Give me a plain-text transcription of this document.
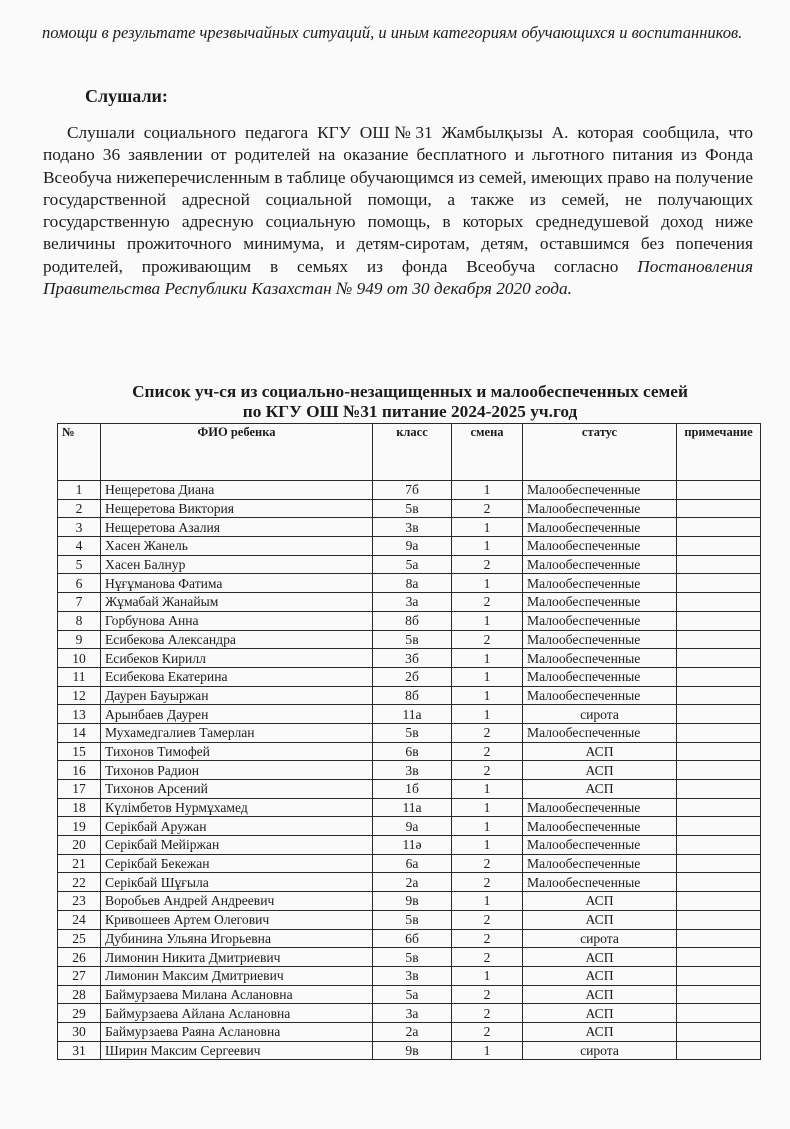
помощи в результате чрезвычайных ситуаций, и иным категориям обучающихся и воспитанников.
Слушали:
Слушали социального педагога КГУ ОШ№31 Жамбылқызы А. которая сообщила, что подано 36 заявлении от родителей на оказание бесплатного и льготного питания из Фонда Всеобуча нижеперечисленным в таблице обучающимся из семей, имеющих право на получение государственной адресной социальной помощи, а также из семей, не получающих государственную адресную социальную помощь, в которых среднедушевой доход ниже величины прожиточного минимума, и детям-сиротам, детям, оставшимся без попечения родителей, проживающим в семьях из фонда Всеобуча согласно Постановления Правительства Республики Казахстан № 949 от 30 декабря 2020 года.
Список уч-ся из социально-незащищенных и малообеспеченных семей
по КГУ ОШ №31 питание 2024-2025 уч.год
№	ФИО ребенка	класс	смена	статус	примечание
1	Нещеретова Диана	7б	1	Малообеспеченные	
2	Нещеретова Виктория	5в	2	Малообеспеченные	
3	Нещеретова Азалия	3в	1	Малообеспеченные	
4	Хасен Жанель	9а	1	Малообеспеченные	
5	Хасен Балнур	5а	2	Малообеспеченные	
6	Нұғұманова Фатима	8а	1	Малообеспеченные	
7	Жұмабай Жанайым	3а	2	Малообеспеченные	
8	Горбунова Анна	8б	1	Малообеспеченные	
9	Есибекова Александра	5в	2	Малообеспеченные	
10	Есибеков Кирилл	3б	1	Малообеспеченные	
11	Есибекова Екатерина	2б	1	Малообеспеченные	
12	Даурен Бауыржан	8б	1	Малообеспеченные	
13	Арынбаев Даурен	11а	1	сирота	
14	Мухамедгалиев Тамерлан	5в	2	Малообеспеченные	
15	Тихонов Тимофей	6в	2	АСП	
16	Тихонов Радион	3в	2	АСП	
17	Тихонов Арсений	1б	1	АСП	
18	Күлімбетов Нурмұхамед	11а	1	Малообеспеченные	
19	Серікбай Аружан	9а	1	Малообеспеченные	
20	Серікбай Мейіржан	11ә	1	Малообеспеченные	
21	Серікбай Бекежан	6а	2	Малообеспеченные	
22	Серікбай Шұғыла	2а	2	Малообеспеченные	
23	Воробьев Андрей Андреевич	9в	1	АСП	
24	Кривошеев Артем Олегович	5в	2	АСП	
25	Дубинина Ульяна Игорьевна	6б	2	сирота	
26	Лимонин Никита Дмитриевич	5в	2	АСП	
27	Лимонин Максим Дмитриевич	3в	1	АСП	
28	Баймурзаева Милана Аслановна	5а	2	АСП	
29	Баймурзаева Айлана Аслановна	3а	2	АСП	
30	Баймурзаева Раяна Аслановна	2а	2	АСП	
31	Ширин Максим Сергеевич	9в	1	сирота	
